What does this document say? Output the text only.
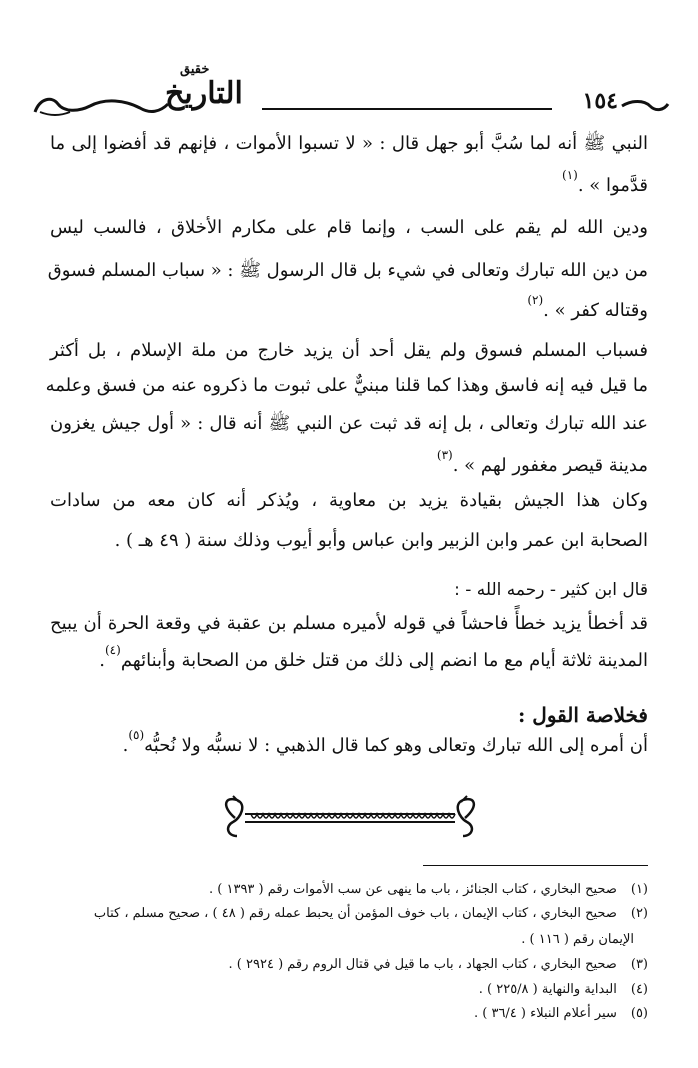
خقيق
التاريخ	١٥٤
النبي ﷺ أنه لما سُبَّ أبو جهل قال : « لا تسبوا الأموات ، فإنهم قد أفضوا إلى ما
قدَّموا » .$^{(١)}$
ودين الله لم يقم على السب ، وإنما قام على مكارم الأخلاق ، فالسب ليس
من دين الله تبارك وتعالى في شيء بل قال الرسول ﷺ : « سباب المسلم فسوق
وقتاله كفر » .$^{(٢)}$
فسباب المسلم فسوق ولم يقل أحد أن يزيد خارج من ملة الإسلام ، بل أكثر
ما قيل فيه إنه فاسق وهذا كما قلنا مبنيٌّ على ثبوت ما ذكروه عنه من فسق وعلمه
عند الله تبارك وتعالى ، بل إنه قد ثبت عن النبي ﷺ أنه قال : « أول جيش يغزون
مدينة قيصر مغفور لهم » .$^{(٣)}$
وكان هذا الجيش بقيادة يزيد بن معاوية ، ويُذكر أنه كان معه من سادات
الصحابة ابن عمر وابن الزبير وابن عباس وأبو أيوب وذلك سنة ( ٤٩ هـ ) .
قال ابن كثير - رحمه الله - :
قد أخطأ يزيد خطأً فاحشاً في قوله لأميره مسلم بن عقبة في وقعة الحرة أن يبيح
المدينة ثلاثة أيام مع ما انضم إلى ذلك من قتل خلق من الصحابة وأبنائهم$^{(٤)}$.
فخلاصة القول :
أن أمره إلى الله تبارك وتعالى وهو كما قال الذهبي : لا نسبُّه ولا نُحبُّه$^{(٥)}$.
(١)صحيح البخاري ، كتاب الجنائز ، باب ما ينهى عن سب الأموات رقم ( ١٣٩٣ ) .
(٢)صحيح البخاري ، كتاب الإيمان ، باب خوف المؤمن أن يحبط عمله رقم ( ٤٨ ) ، صحيح مسلم ، كتاب
الإيمان رقم ( ١١٦ ) .
(٣)صحيح البخاري ، كتاب الجهاد ، باب ما قيل في قتال الروم رقم ( ٢٩٢٤ ) .
(٤)البداية والنهاية ( ٢٢٥/٨ ) .
(٥)سير أعلام النبلاء ( ٣٦/٤ ) .
